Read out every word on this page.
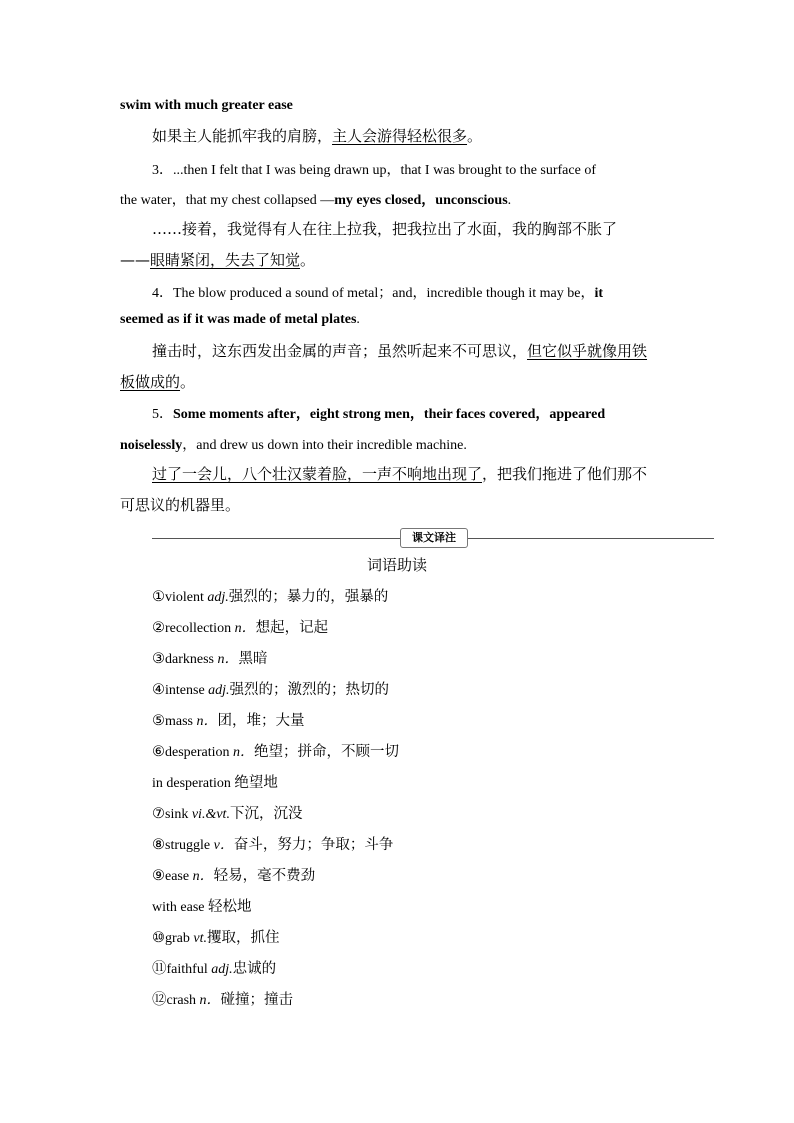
swim with much greater ease
如果主人能抓牢我的肩膀，主人会游得轻松很多。
3．...then I felt that I was being drawn up，that I was brought to the surface of
the water，that my chest collapsed —my eyes closed，unconscious.
……接着，我觉得有人在往上拉我，把我拉出了水面，我的胸部不胀了
——眼睛紧闭，失去了知觉。
4．The blow produced a sound of metal；and，incredible though it may be，it
seemed as if it was made of metal plates.
撞击时，这东西发出金属的声音；虽然听起来不可思议，但它似乎就像用铁
板做成的。
5．Some moments after，eight strong men，their faces covered，appeared
noiselessly，and drew us down into their incredible machine.
过了一会儿，八个壮汉蒙着脸，一声不响地出现了，把我们拖进了他们那不
可思议的机器里。
课文译注
词语助读
①violent adj.强烈的；暴力的，强暴的
②recollection n．想起，记起
③darkness n．黑暗
④intense adj.强烈的；激烈的；热切的
⑤mass n．团，堆；大量
⑥desperation n．绝望；拼命，不顾一切
in desperation 绝望地
⑦sink vi.&vt.下沉，沉没
⑧struggle v．奋斗，努力；争取；斗争
⑨ease n．轻易，毫不费劲
with ease 轻松地
⑩grab vt.攫取，抓住
⑪faithful adj.忠诚的
⑫crash n．碰撞；撞击
